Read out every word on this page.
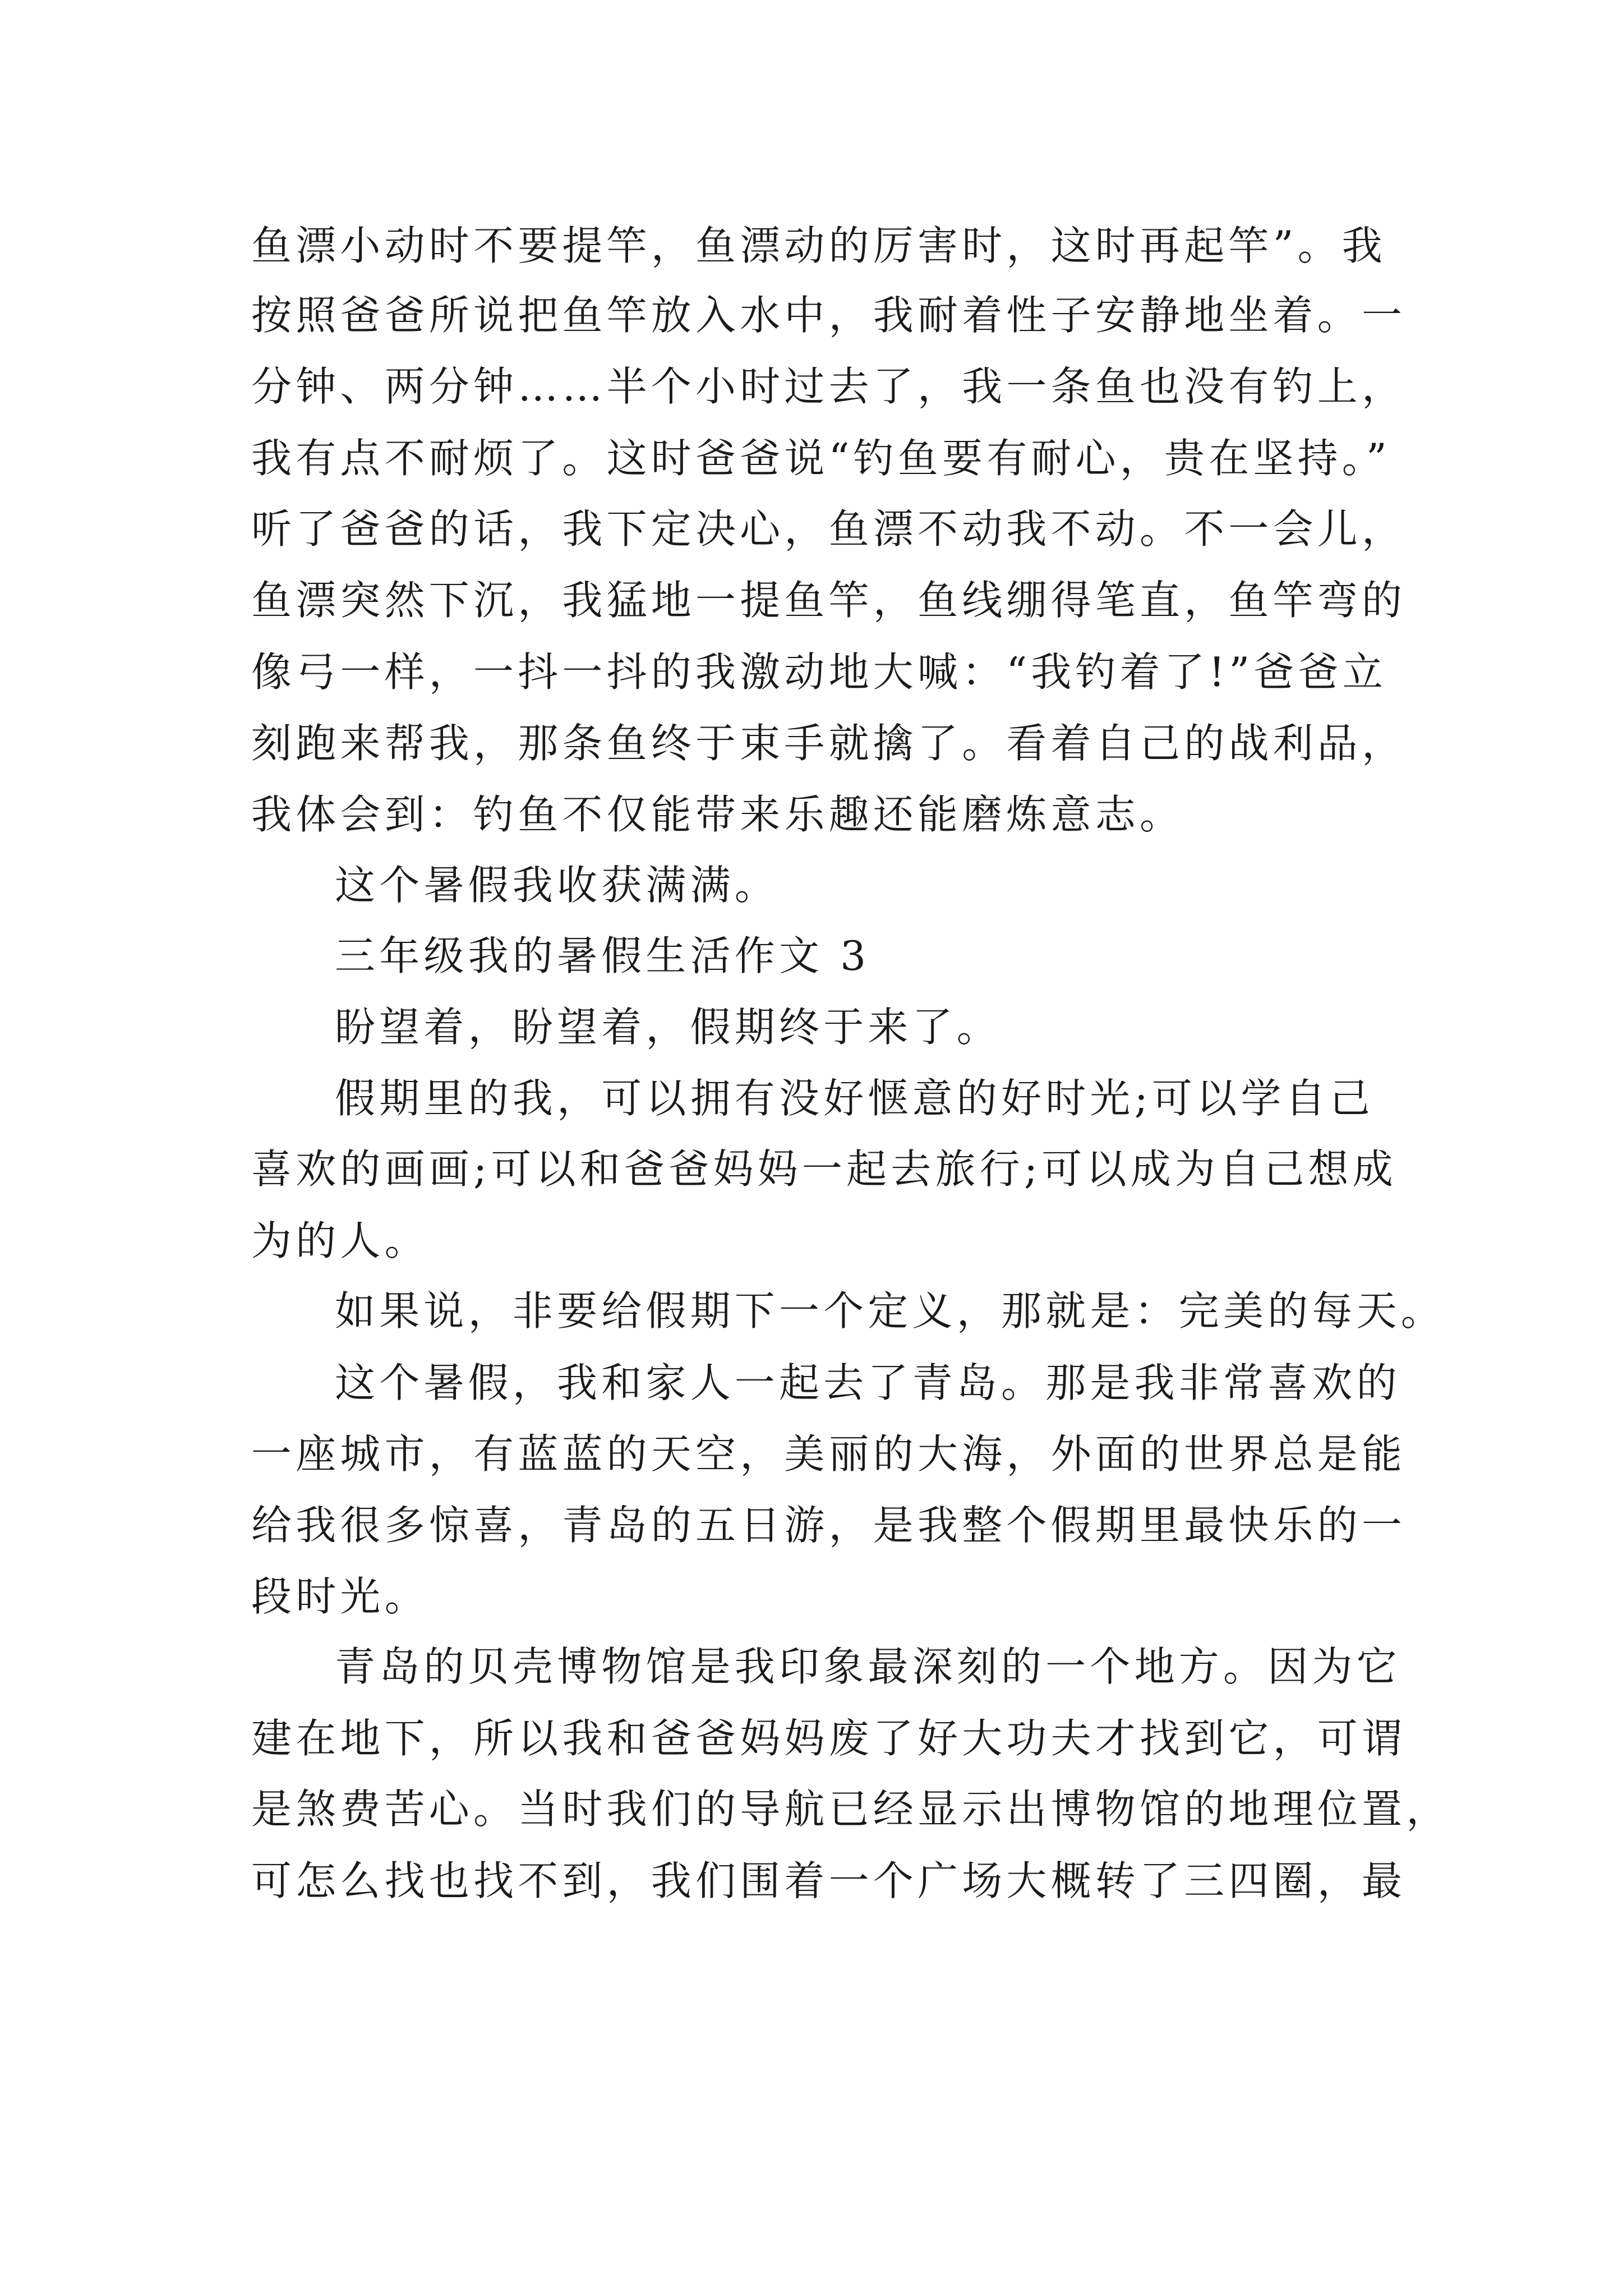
鱼漂小动时不要提竿，鱼漂动的厉害时，这时再起竿”。我
按照爸爸所说把鱼竿放入水中，我耐着性子安静地坐着。一
分钟、两分钟……半个小时过去了，我一条鱼也没有钓上，
我有点不耐烦了。这时爸爸说“钓鱼要有耐心，贵在坚持。”
听了爸爸的话，我下定决心，鱼漂不动我不动。不一会儿，
鱼漂突然下沉，我猛地一提鱼竿，鱼线绷得笔直，鱼竿弯的
像弓一样，一抖一抖的我激动地大喊：“我钓着了!”爸爸立
刻跑来帮我，那条鱼终于束手就擒了。看着自己的战利品，
我体会到：钓鱼不仅能带来乐趣还能磨炼意志。
这个暑假我收获满满。
三年级我的暑假生活作文 3
盼望着，盼望着，假期终于来了。
假期里的我，可以拥有没好惬意的好时光;可以学自己
喜欢的画画;可以和爸爸妈妈一起去旅行;可以成为自己想成
为的人。
如果说，非要给假期下一个定义，那就是：完美的每天。
这个暑假，我和家人一起去了青岛。那是我非常喜欢的
一座城市，有蓝蓝的天空，美丽的大海，外面的世界总是能
给我很多惊喜，青岛的五日游，是我整个假期里最快乐的一
段时光。
青岛的贝壳博物馆是我印象最深刻的一个地方。因为它
建在地下，所以我和爸爸妈妈废了好大功夫才找到它，可谓
是煞费苦心。当时我们的导航已经显示出博物馆的地理位置，
可怎么找也找不到，我们围着一个广场大概转了三四圈，最
